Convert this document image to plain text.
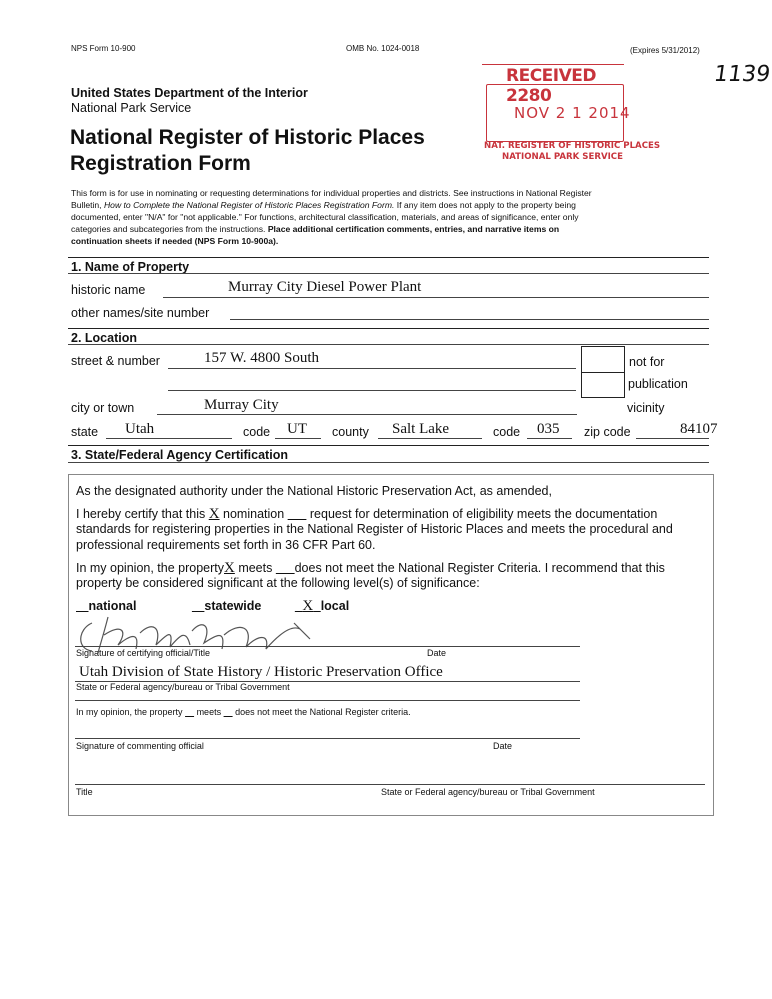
NPS Form 10-900	OMB No. 1024-0018	(Expires 5/31/2012)
1139
United States Department of the Interior
National Park Service
National Register of Historic Places
Registration Form
RECEIVED 2280
NOV 2 1 2014
NAT. REGISTER OF HISTORIC PLACES
NATIONAL PARK SERVICE
This form is for use in nominating or requesting determinations for individual properties and districts. See instructions in National Register
Bulletin, How to Complete the National Register of Historic Places Registration Form. If any item does not apply to the property being
documented, enter "N/A" for "not applicable." For functions, architectural classification, materials, and areas of significance, enter only
categories and subcategories from the instructions. Place additional certification comments, entries, and narrative items on
continuation sheets if needed (NPS Form 10-900a).
1. Name of Property
historic name	Murray City Diesel Power Plant
other names/site number
2. Location
street & number	157 W. 4800 South	not for
publication
city or town	Murray City	vicinity
state Utah	code UT county Salt Lake	code 035 zip code	84107
3. State/Federal Agency Certification
As the designated authority under the National Historic Preservation Act, as amended,
I hereby certify that this X nomination    request for determination of eligibility meets the documentation
standards for registering properties in the National Register of Historic Places and meets the procedural and
professional requirements set forth in 36 CFR Part 60.
In my opinion, the propertyX meets   does not meet the National Register Criteria. I recommend that this
property be considered significant at the following level(s) of significance:
  national   	statewide  	X  local
Signature of certifying official/Title	Date
Utah Division of State History / Historic Preservation Office
State or Federal agency/bureau or Tribal Government
In my opinion, the property   meets   does not meet the National Register criteria.
Signature of commenting official	Date
Title	State or Federal agency/bureau or Tribal Government
